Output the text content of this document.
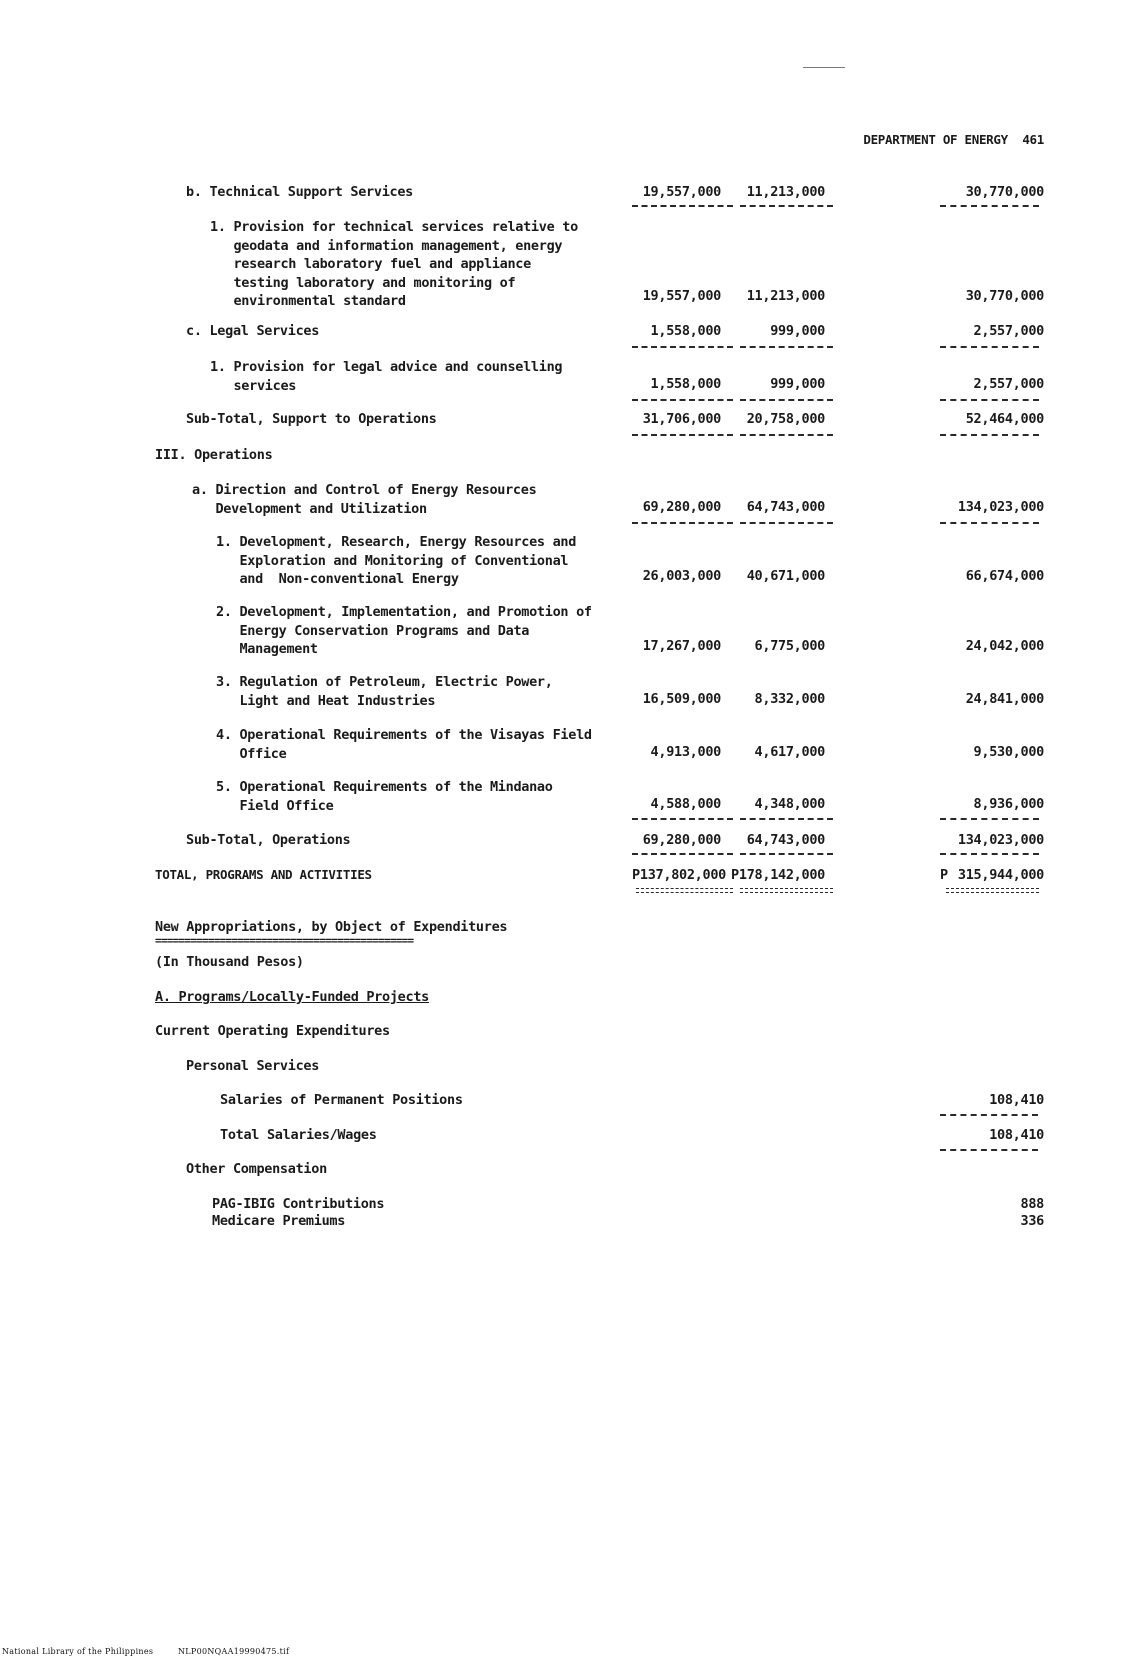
DEPARTMENT OF ENERGY 461
b. Technical Support Services	19,557,000 11,213,000	30,770,000
1. Provision for technical services relative to
geodata and information management, energy
research laboratory fuel and appliance
testing laboratory and monitoring of
environmental standard	19,557,000 11,213,000	30,770,000
c. Legal Services	1,558,000	999,000	2,557,000
1. Provision for legal advice and counselling
services	1,558,000	999,000	2,557,000
Sub-Total, Support to Operations	31,706,000 20,758,000	52,464,000
III. Operations
a. Direction and Control of Energy Resources
Development and Utilization	69,280,000 64,743,000	134,023,000
1. Development, Research, Energy Resources and
Exploration and Monitoring of Conventional
and  Non-conventional Energy	26,003,000 40,671,000	66,674,000
2. Development, Implementation, and Promotion of
Energy Conservation Programs and Data
Management	17,267,000 6,775,000	24,042,000
3. Regulation of Petroleum, Electric Power,
Light and Heat Industries	16,509,000 8,332,000	24,841,000
4. Operational Requirements of the Visayas Field
Office	4,913,000 4,617,000	9,530,000
5. Operational Requirements of the Mindanao
Field Office	4,588,000 4,348,000	8,936,000
Sub-Total, Operations	69,280,000 64,743,000	134,023,000
TOTAL, PROGRAMS AND ACTIVITIES	P 137,802,000 P 178,142,000	P 315,944,000
New Appropriations, by Object of Expenditures
============================================
(In Thousand Pesos)
A. Programs/Locally-Funded Projects
Current Operating Expenditures
Personal Services
Salaries of Permanent Positions	108,410
Total Salaries/Wages	108,410
Other Compensation
PAG-IBIG Contributions	888
Medicare Premiums	336
National Library of the Philippines	NLP00NQAA19990475.tif
